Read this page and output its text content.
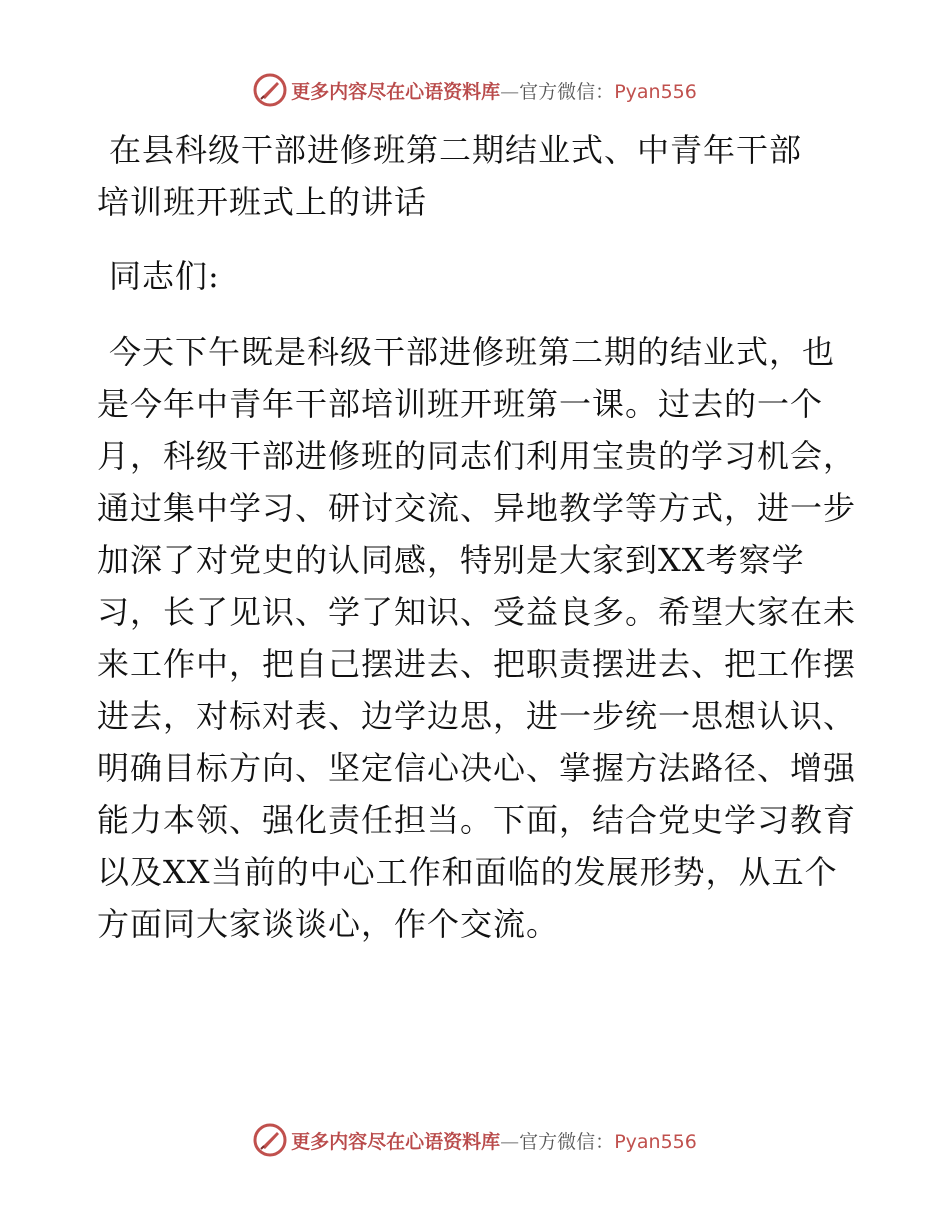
更多内容尽在心语资料库—官方微信：Pyan556
在县科级干部进修班第二期结业式、中青年干部
培训班开班式上的讲话

同志们:

今天下午既是科级干部进修班第二期的结业式，也是今年中青年干部培训班开班第一课。过去的一个月，科级干部进修班的同志们利用宝贵的学习机会，通过集中学习、研讨交流、异地教学等方式，进一步加深了对党史的认同感，特别是大家到XX考察学习，长了见识、学了知识、受益良多。希望大家在未来工作中，把自己摆进去、把职责摆进去、把工作摆进去，对标对表、边学边思，进一步统一思想认识、明确目标方向、坚定信心决心、掌握方法路径、增强能力本领、强化责任担当。下面，结合党史学习教育以及XX当前的中心工作和面临的发展形势，从五个方面同大家谈谈心，作个交流。

更多内容尽在心语资料库—官方微信：Pyan556
